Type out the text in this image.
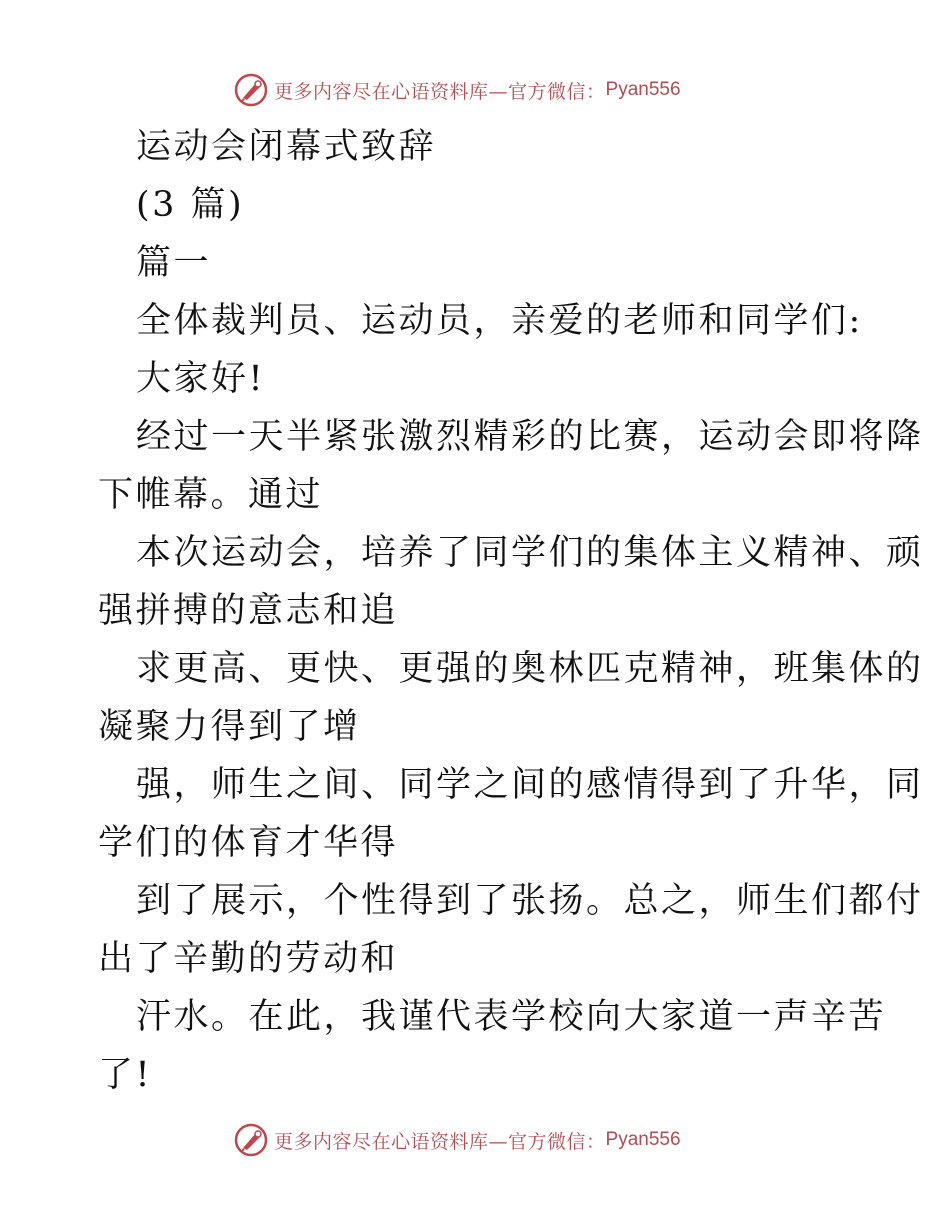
更多内容尽在心语资料库—官方微信： Pyan556
运动会闭幕式致辞
(3 篇)
篇一
全体裁判员、运动员，亲爱的老师和同学们:
大家好!
经过一天半紧张激烈精彩的比赛，运动会即将降
下帷幕。通过
本次运动会，培养了同学们的集体主义精神、顽
强拼搏的意志和追
求更高、更快、更强的奥林匹克精神，班集体的
凝聚力得到了增
强，师生之间、同学之间的感情得到了升华，同
学们的体育才华得
到了展示，个性得到了张扬。总之，师生们都付
出了辛勤的劳动和
汗水。在此，我谨代表学校向大家道一声辛苦
了!
更多内容尽在心语资料库—官方微信： Pyan556
